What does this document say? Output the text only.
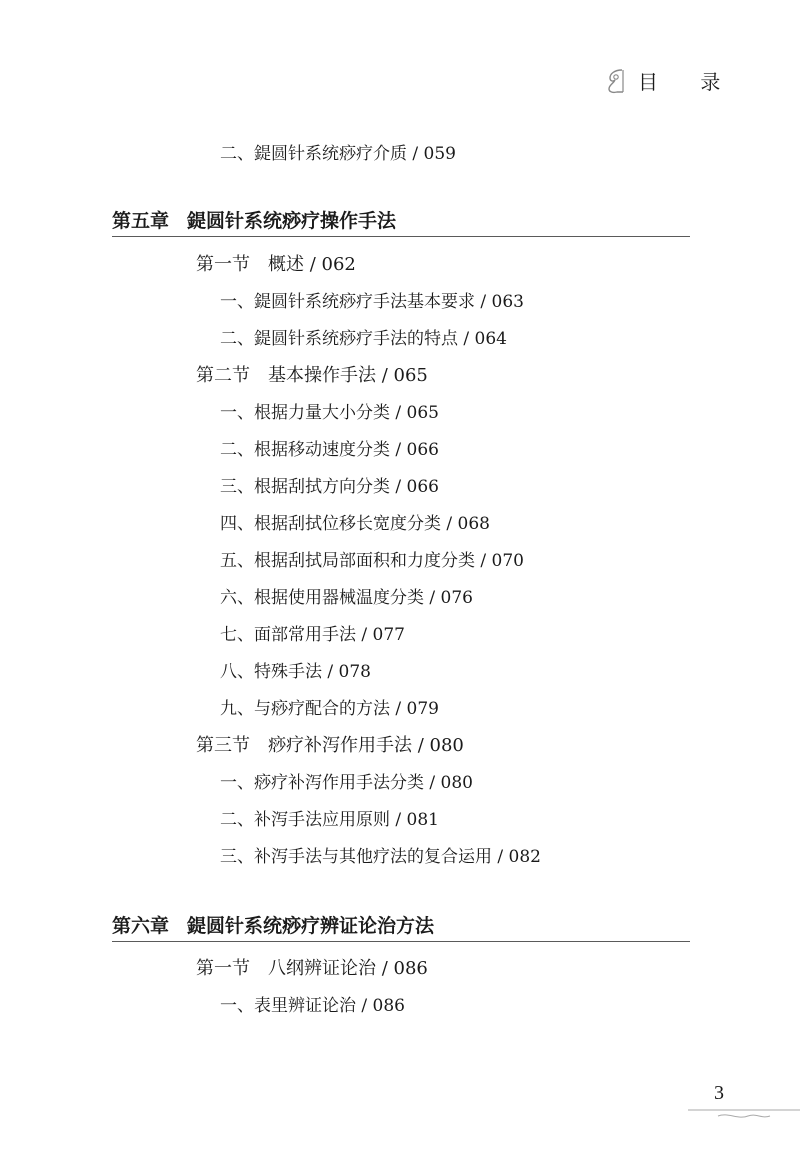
目 录
二、鍉圆针系统痧疗介质 / 059
第五章 鍉圆针系统痧疗操作手法
第一节 概述 / 062
一、鍉圆针系统痧疗手法基本要求 / 063
二、鍉圆针系统痧疗手法的特点 / 064
第二节 基本操作手法 / 065
一、根据力量大小分类 / 065
二、根据移动速度分类 / 066
三、根据刮拭方向分类 / 066
四、根据刮拭位移长宽度分类 / 068
五、根据刮拭局部面积和力度分类 / 070
六、根据使用器械温度分类 / 076
七、面部常用手法 / 077
八、特殊手法 / 078
九、与痧疗配合的方法 / 079
第三节 痧疗补泻作用手法 / 080
一、痧疗补泻作用手法分类 / 080
二、补泻手法应用原则 / 081
三、补泻手法与其他疗法的复合运用 / 082
第六章 鍉圆针系统痧疗辨证论治方法
第一节 八纲辨证论治 / 086
一、表里辨证论治 / 086
3
